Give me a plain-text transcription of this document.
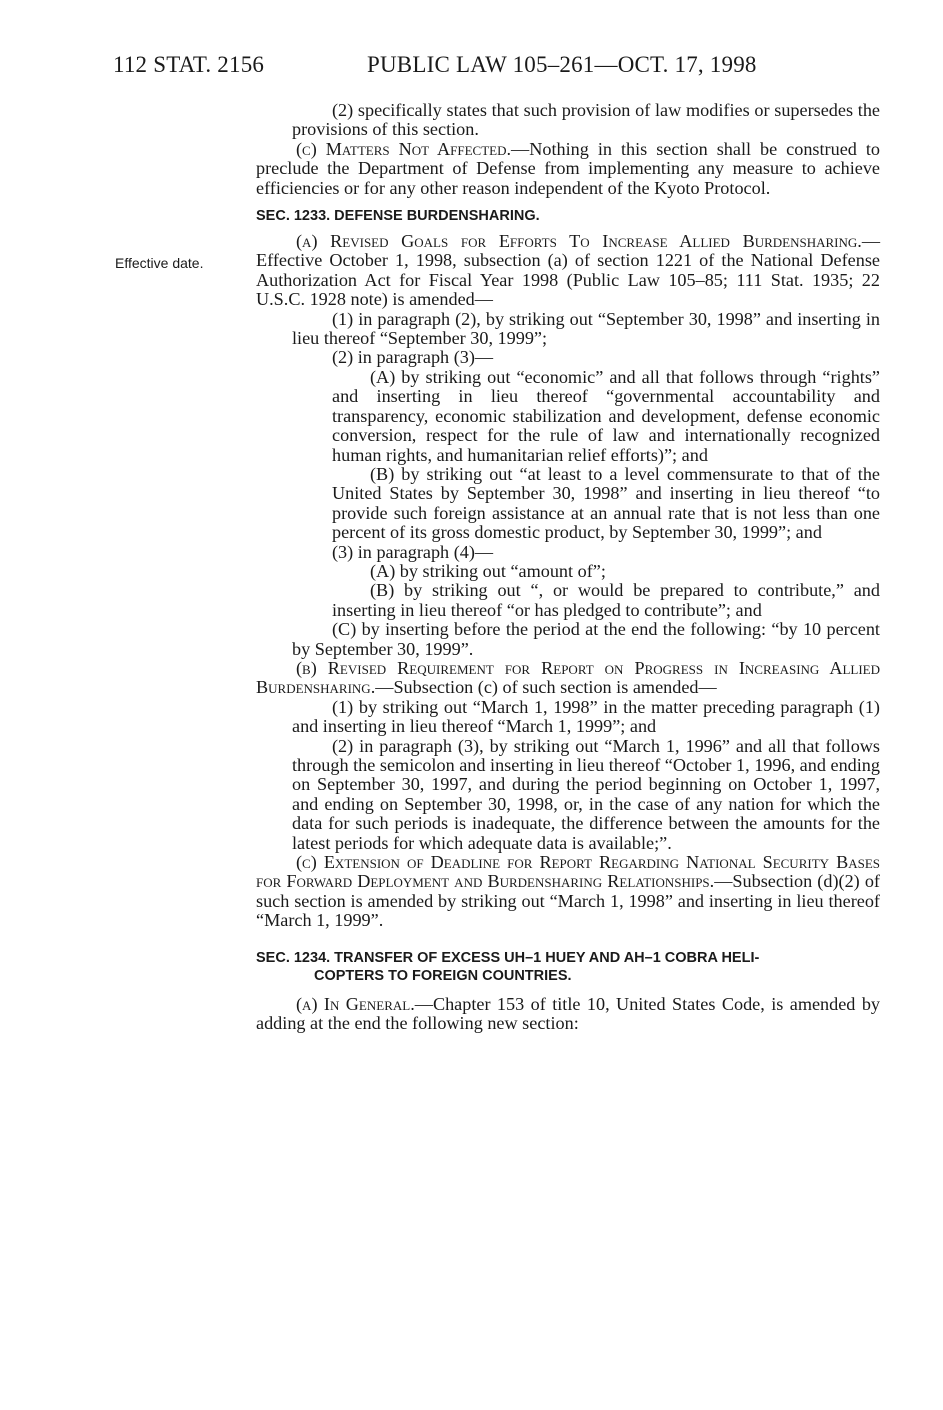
112 STAT. 2156	PUBLIC LAW 105–261—OCT. 17, 1998
Effective date.

(2) specifically states that such provision of law modifies or supersedes the provisions of this section.

(c) Matters Not Affected.—Nothing in this section shall be construed to preclude the Department of Defense from implementing any measure to achieve efficiencies or for any other reason independent of the Kyoto Protocol.

SEC. 1233. DEFENSE BURDENSHARING.

(a) Revised Goals for Efforts To Increase Allied Burdensharing.—Effective October 1, 1998, subsection (a) of section 1221 of the National Defense Authorization Act for Fiscal Year 1998 (Public Law 105–85; 111 Stat. 1935; 22 U.S.C. 1928 note) is amended—

(1) in paragraph (2), by striking out “September 30, 1998” and inserting in lieu thereof “September 30, 1999”;

(2) in paragraph (3)—

(A) by striking out “economic” and all that follows through “rights” and inserting in lieu thereof “governmental accountability and transparency, economic stabilization and development, defense economic conversion, respect for the rule of law and internationally recognized human rights, and humanitarian relief efforts)”; and

(B) by striking out “at least to a level commensurate to that of the United States by September 30, 1998” and inserting in lieu thereof “to provide such foreign assistance at an annual rate that is not less than one percent of its gross domestic product, by September 30, 1999”; and

(3) in paragraph (4)—

(A) by striking out “amount of”;

(B) by striking out “, or would be prepared to contribute,” and inserting in lieu thereof “or has pledged to contribute”; and

(C) by inserting before the period at the end the following: “by 10 percent by September 30, 1999”.

(b) Revised Requirement for Report on Progress in Increasing Allied Burdensharing.—Subsection (c) of such section is amended—

(1) by striking out “March 1, 1998” in the matter preceding paragraph (1) and inserting in lieu thereof “March 1, 1999”; and

(2) in paragraph (3), by striking out “March 1, 1996” and all that follows through the semicolon and inserting in lieu thereof “October 1, 1996, and ending on September 30, 1997, and during the period beginning on October 1, 1997, and ending on September 30, 1998, or, in the case of any nation for which the data for such periods is inadequate, the difference between the amounts for the latest periods for which adequate data is available;”.

(c) Extension of Deadline for Report Regarding National Security Bases for Forward Deployment and Burdensharing Relationships.—Subsection (d)(2) of such section is amended by striking out “March 1, 1998” and inserting in lieu thereof “March 1, 1999”.

SEC. 1234. TRANSFER OF EXCESS UH–1 HUEY AND AH–1 COBRA HELI-
COPTERS TO FOREIGN COUNTRIES.

(a) In General.—Chapter 153 of title 10, United States Code, is amended by adding at the end the following new section:
